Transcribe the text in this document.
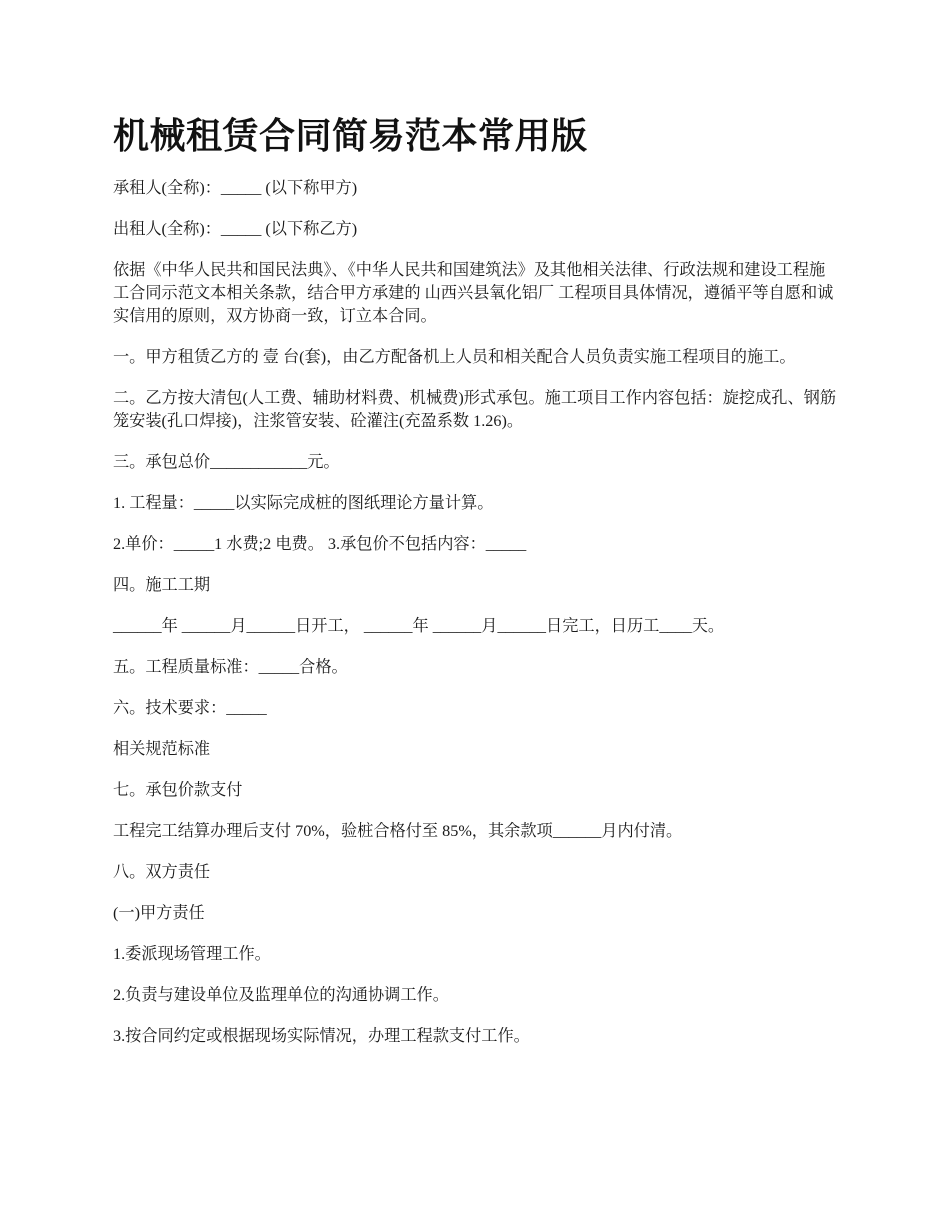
机械租赁合同简易范本常用版

承租人(全称)：_____ (以下称甲方)

出租人(全称)：_____ (以下称乙方)

依据《中华人民共和国民法典》、《中华人民共和国建筑法》及其他相关法律、行政法规和建设工程施工合同示范文本相关条款，结合甲方承建的 山西兴县氧化铝厂 工程项目具体情况，遵循平等自愿和诚实信用的原则，双方协商一致，订立本合同。

一。甲方租赁乙方的 壹 台(套)，由乙方配备机上人员和相关配合人员负责实施工程项目的施工。

二。乙方按大清包(人工费、辅助材料费、机械费)形式承包。施工项目工作内容包括：旋挖成孔、钢筋笼安装(孔口焊接)，注浆管安装、砼灌注(充盈系数 1.26)。

三。承包总价____________元。

1. 工程量：_____以实际完成桩的图纸理论方量计算。

2.单价：_____1 水费;2 电费。 3.承包价不包括内容：_____

四。施工工期

______年 ______月______日开工， ______年 ______月______日完工，日历工____天。

五。工程质量标准：_____合格。

六。技术要求：_____

相关规范标准

七。承包价款支付

工程完工结算办理后支付 70%，验桩合格付至 85%，其余款项______月内付清。

八。双方责任

(一)甲方责任

1.委派现场管理工作。

2.负责与建设单位及监理单位的沟通协调工作。

3.按合同约定或根据现场实际情况，办理工程款支付工作。
